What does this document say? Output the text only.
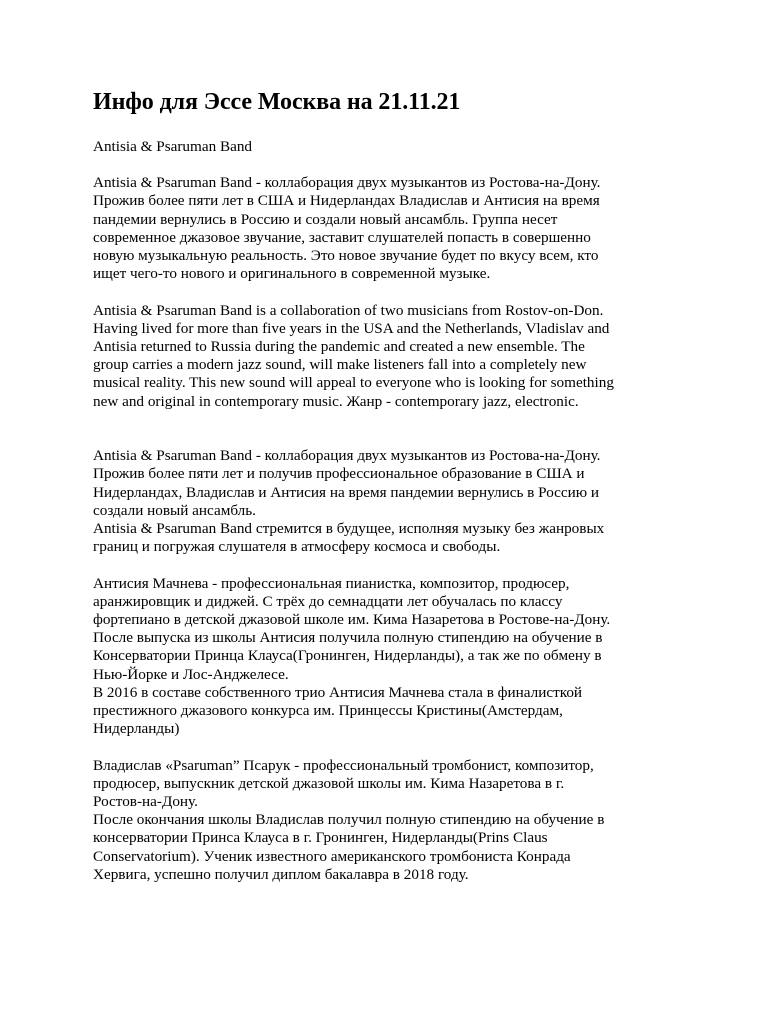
Инфо для Эссе Москва на 21.11.21
Antisia & Psaruman Band
Antisia & Psaruman Band - коллаборация двух музыкантов из Ростова-на-Дону.
Прожив более пяти лет в США и Нидерландах Владислав и Антисия на время
пандемии вернулись в Россию и создали новый ансамбль. Группа несет
современное джазовое звучание, заставит слушателей попасть в совершенно
новую музыкальную реальность. Это новое звучание будет по вкусу всем, кто
ищет чего-то нового и оригинального в современной музыке.
Antisia & Psaruman Band is a collaboration of two musicians from Rostov-on-Don.
Having lived for more than five years in the USA and the Netherlands, Vladislav and
Antisia returned to Russia during the pandemic and created a new ensemble. The
group carries a modern jazz sound, will make listeners fall into a completely new
musical reality. This new sound will appeal to everyone who is looking for something
new and original in contemporary music. Жанр - contemporary jazz, electronic.
Antisia & Psaruman Band - коллаборация двух музыкантов из Ростова-на-Дону.
Прожив более пяти лет и получив профессиональное образование в США и
Нидерландах, Владислав и Антисия на время пандемии вернулись в Россию и
создали новый ансамбль.
Antisia & Psaruman Band стремится в будущее, исполняя музыку без жанровых
границ и погружая слушателя в атмосферу космоса и свободы.
Антисия Мачнева - профессиональная пианистка, композитор, продюсер,
аранжировщик и диджей. С трёх до семнадцати лет обучалась по классу
фортепиано в детской джазовой школе им. Кима Назаретова в Ростове-на-Дону.
После выпуска из школы Антисия получила полную стипендию на обучение в
Консерватории Принца Клауса(Гронинген, Нидерланды), а так же по обмену в
Нью-Йорке и Лос-Анджелесе.
В 2016 в составе собственного трио Антисия Мачнева стала в финалисткой
престижного джазового конкурса им. Принцессы Кристины(Амстердам,
Нидерланды)
Владислав «Psaruman” Псарук - профессиональный тромбонист, композитор,
продюсер, выпускник детской джазовой школы им. Кима Назаретова в г.
Ростов-на-Дону.
После окончания школы Владислав получил полную стипендию на обучение в
консерватории Принса Клауса в г. Гронинген, Нидерланды(Prins Claus
Conservatorium). Ученик известного американского тромбониста Конрада
Хервига, успешно получил диплом бакалавра в 2018 году.
